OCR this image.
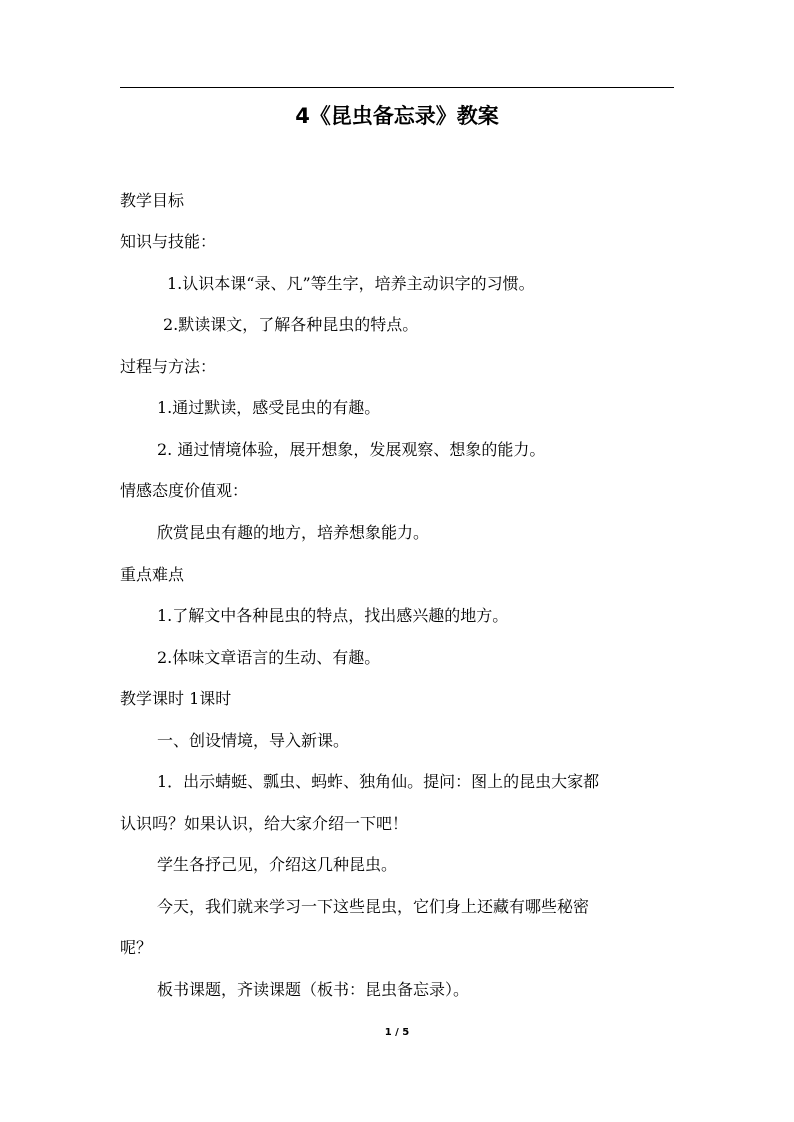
4《昆虫备忘录》教案
教学目标
知识与技能：
1.认识本课“录、凡”等生字，培养主动识字的习惯。
2.默读课文，了解各种昆虫的特点。
过程与方法：
1.通过默读，感受昆虫的有趣。
2. 通过情境体验，展开想象，发展观察、想象的能力。
情感态度价值观：
欣赏昆虫有趣的地方，培养想象能力。
重点难点
1.了解文中各种昆虫的特点，找出感兴趣的地方。
2.体味文章语言的生动、有趣。
教学课时 1课时
一、创设情境，导入新课。
1．出示蜻蜓、瓢虫、蚂蚱、独角仙。提问：图上的昆虫大家都
认识吗？如果认识，给大家介绍一下吧！
学生各抒己见，介绍这几种昆虫。
今天，我们就来学习一下这些昆虫，它们身上还藏有哪些秘密
呢？
板书课题，齐读课题（板书：昆虫备忘录）。
1 / 5
